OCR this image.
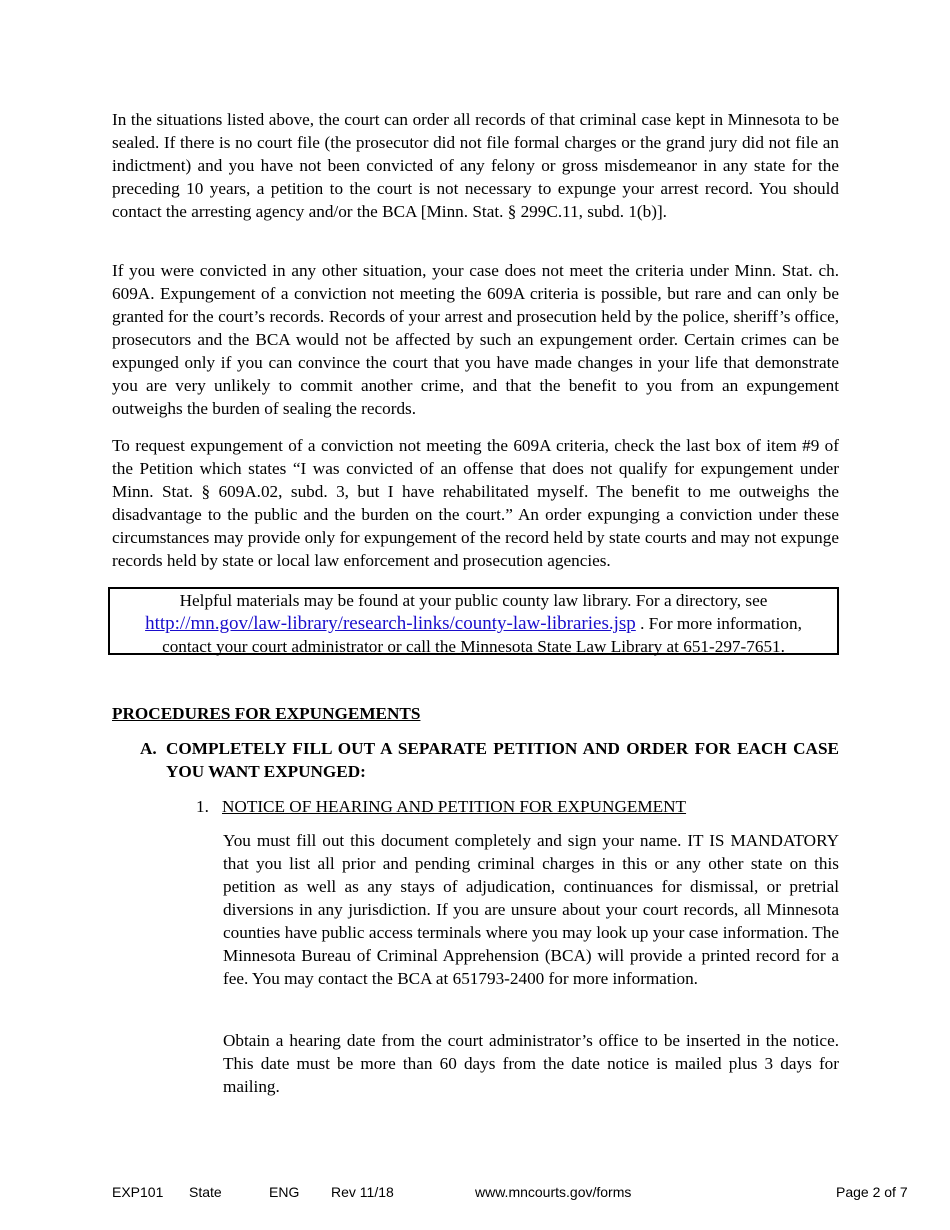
In the situations listed above, the court can order all records of that criminal case kept in Minnesota to be sealed. If there is no court file (the prosecutor did not file formal charges or the grand jury did not file an indictment) and you have not been convicted of any felony or gross misdemeanor in any state for the preceding 10 years, a petition to the court is not necessary to expunge your arrest record. You should contact the arresting agency and/or the BCA [Minn. Stat. § 299C.11, subd. 1(b)].

If you were convicted in any other situation, your case does not meet the criteria under Minn. Stat. ch. 609A. Expungement of a conviction not meeting the 609A criteria is possible, but rare and can only be granted for the court’s records. Records of your arrest and prosecution held by the police, sheriff’s office, prosecutors and the BCA would not be affected by such an expungement order. Certain crimes can be expunged only if you can convince the court that you have made changes in your life that demonstrate you are very unlikely to commit another crime, and that the benefit to you from an expungement outweighs the burden of sealing the records.

To request expungement of a conviction not meeting the 609A criteria, check the last box of item #9 of the Petition which states “I was convicted of an offense that does not qualify for expungement under Minn. Stat. § 609A.02, subd. 3, but I have rehabilitated myself. The benefit to me outweighs the disadvantage to the public and the burden on the court.” An order expunging a conviction under these circumstances may provide only for expungement of the record held by state courts and may not expunge records held by state or local law enforcement and prosecution agencies.

Helpful materials may be found at your public county law library. For a directory, see
http://mn.gov/law-library/research-links/county-law-libraries.jsp . For more information,
contact your court administrator or call the Minnesota State Law Library at 651-297-7651.
PROCEDURES FOR EXPUNGEMENTS
A. COMPLETELY FILL OUT A SEPARATE PETITION AND ORDER FOR EACH CASE YOU WANT EXPUNGED:
1. NOTICE OF HEARING AND PETITION FOR EXPUNGEMENT

You must fill out this document completely and sign your name. IT IS MANDATORY that you list all prior and pending criminal charges in this or any other state on this petition as well as any stays of adjudication, continuances for dismissal, or pretrial diversions in any jurisdiction. If you are unsure about your court records, all Minnesota counties have public access terminals where you may look up your case information. The Minnesota Bureau of Criminal Apprehension (BCA) will provide a printed record for a fee. You may contact the BCA at 651793-2400 for more information.

Obtain a hearing date from the court administrator’s office to be inserted in the notice. This date must be more than 60 days from the date notice is mailed plus 3 days for mailing.

EXP101 State	ENG Rev 11/18	www.mncourts.gov/forms	Page 2 of 7
